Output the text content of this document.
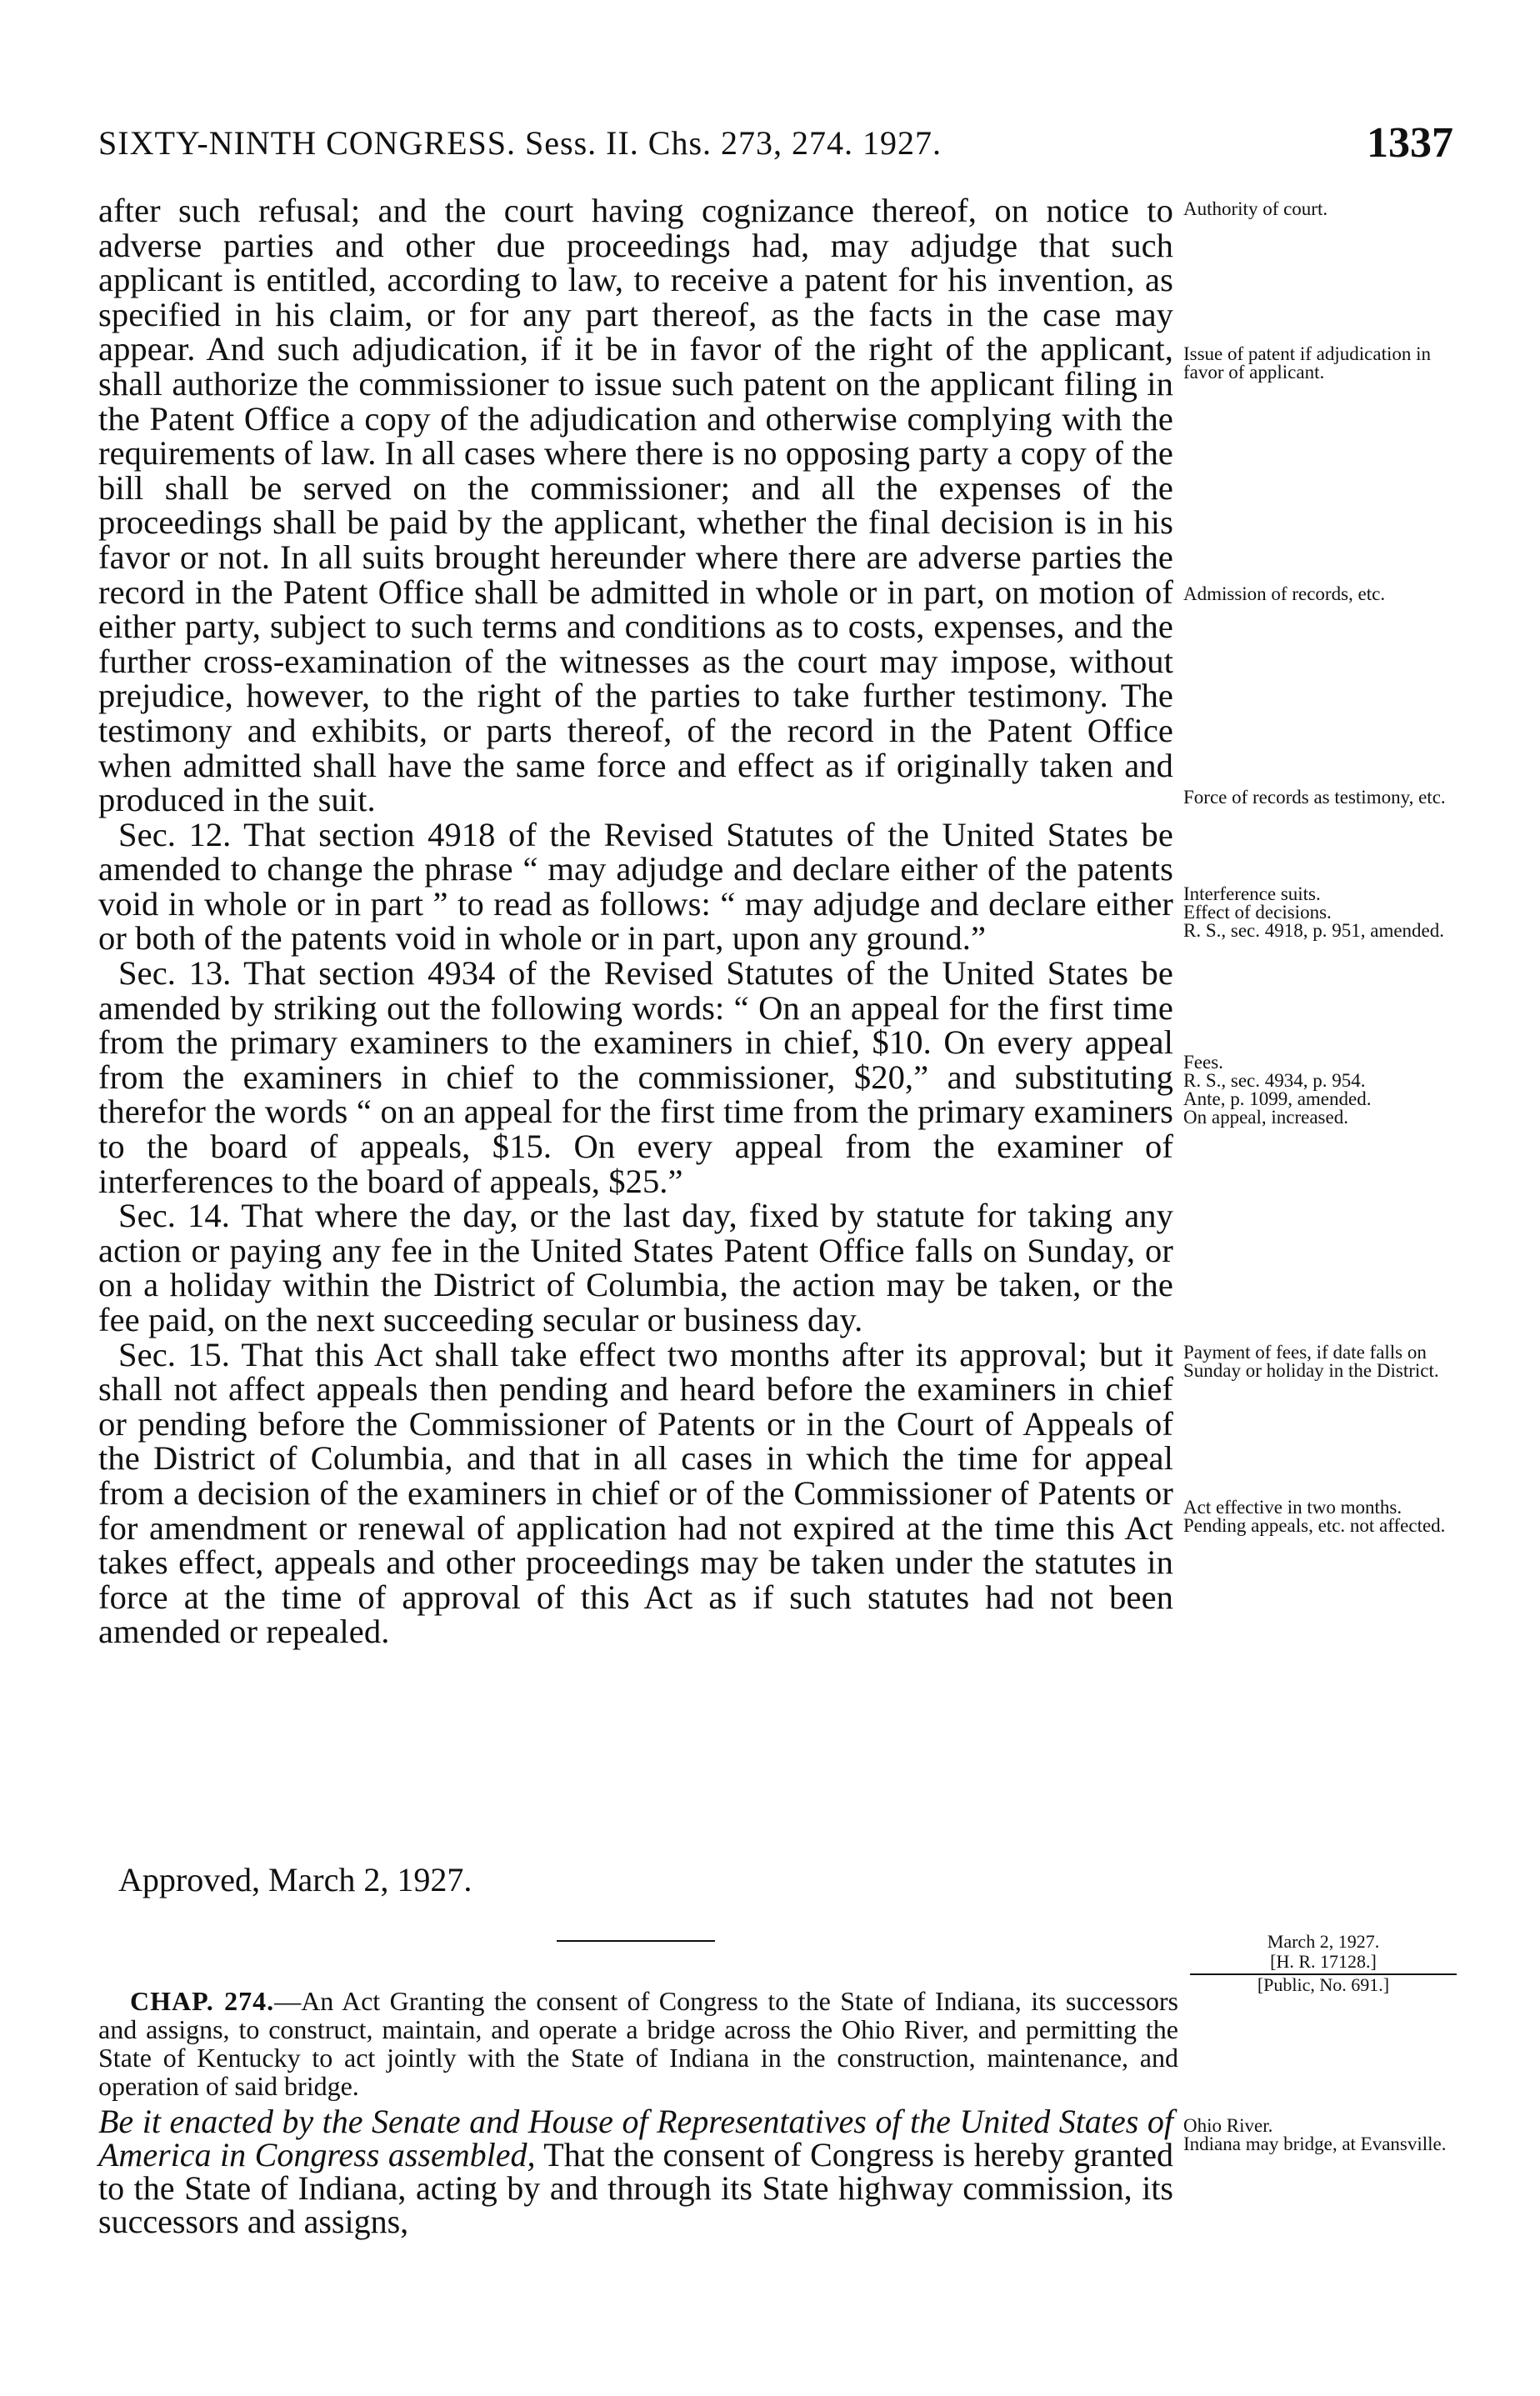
SIXTY-NINTH CONGRESS. Sess. II. Chs. 273, 274. 1927.	1337

after such refusal; and the court having cognizance thereof, on notice to adverse parties and other due proceedings had, may adjudge that such applicant is entitled, according to law, to receive a patent for his invention, as specified in his claim, or for any part thereof, as the facts in the case may appear. And such adjudication, if it be in favor of the right of the applicant, shall authorize the commissioner to issue such patent on the applicant filing in the Patent Office a copy of the adjudication and otherwise complying with the requirements of law. In all cases where there is no opposing party a copy of the bill shall be served on the commissioner; and all the expenses of the proceedings shall be paid by the applicant, whether the final decision is in his favor or not. In all suits brought hereunder where there are adverse parties the record in the Patent Office shall be admitted in whole or in part, on motion of either party, subject to such terms and conditions as to costs, expenses, and the further cross-examination of the witnesses as the court may impose, without prejudice, however, to the right of the parties to take further testimony. The testimony and exhibits, or parts thereof, of the record in the Patent Office when admitted shall have the same force and effect as if originally taken and produced in the suit.

Sec. 12. That section 4918 of the Revised Statutes of the United States be amended to change the phrase “ may adjudge and declare either of the patents void in whole or in part ” to read as follows: “ may adjudge and declare either or both of the patents void in whole or in part, upon any ground.”

Sec. 13. That section 4934 of the Revised Statutes of the United States be amended by striking out the following words: “ On an appeal for the first time from the primary examiners to the examiners in chief, $10. On every appeal from the examiners in chief to the commissioner, $20,” and substituting therefor the words “ on an appeal for the first time from the primary examiners to the board of appeals, $15. On every appeal from the examiner of interferences to the board of appeals, $25.”

Sec. 14. That where the day, or the last day, fixed by statute for taking any action or paying any fee in the United States Patent Office falls on Sunday, or on a holiday within the District of Columbia, the action may be taken, or the fee paid, on the next succeeding secular or business day.

Sec. 15. That this Act shall take effect two months after its approval; but it shall not affect appeals then pending and heard before the examiners in chief or pending before the Commissioner of Patents or in the Court of Appeals of the District of Columbia, and that in all cases in which the time for appeal from a decision of the examiners in chief or of the Commissioner of Patents or for amendment or renewal of application had not expired at the time this Act takes effect, appeals and other proceedings may be taken under the statutes in force at the time of approval of this Act as if such statutes had not been amended or repealed.

Approved, March 2, 1927.
CHAP. 274.—An Act Granting the consent of Congress to the State of Indiana, its successors and assigns, to construct, maintain, and operate a bridge across the Ohio River, and permitting the State of Kentucky to act jointly with the State of Indiana in the construction, maintenance, and operation of said bridge.

Be it enacted by the Senate and House of Representatives of the United States of America in Congress assembled, That the consent of Congress is hereby granted to the State of Indiana, acting by and through its State highway commission, its successors and assigns,

Authority of court.
Issue of patent if adjudication in favor of applicant.
Admission of records, etc.
Force of records as testimony, etc.
Interference suits.
Effect of decisions.
R. S., sec. 4918, p. 951, amended.
Fees.
R. S., sec. 4934, p. 954.
Ante, p. 1099, amended.
On appeal, increased.
Payment of fees, if date falls on Sunday or holiday in the District.
Act effective in two months.
Pending appeals, etc. not affected.
Ohio River.
Indiana may bridge, at Evansville.
March 2, 1927.
[H. R. 17128.]
[Public, No. 691.]
